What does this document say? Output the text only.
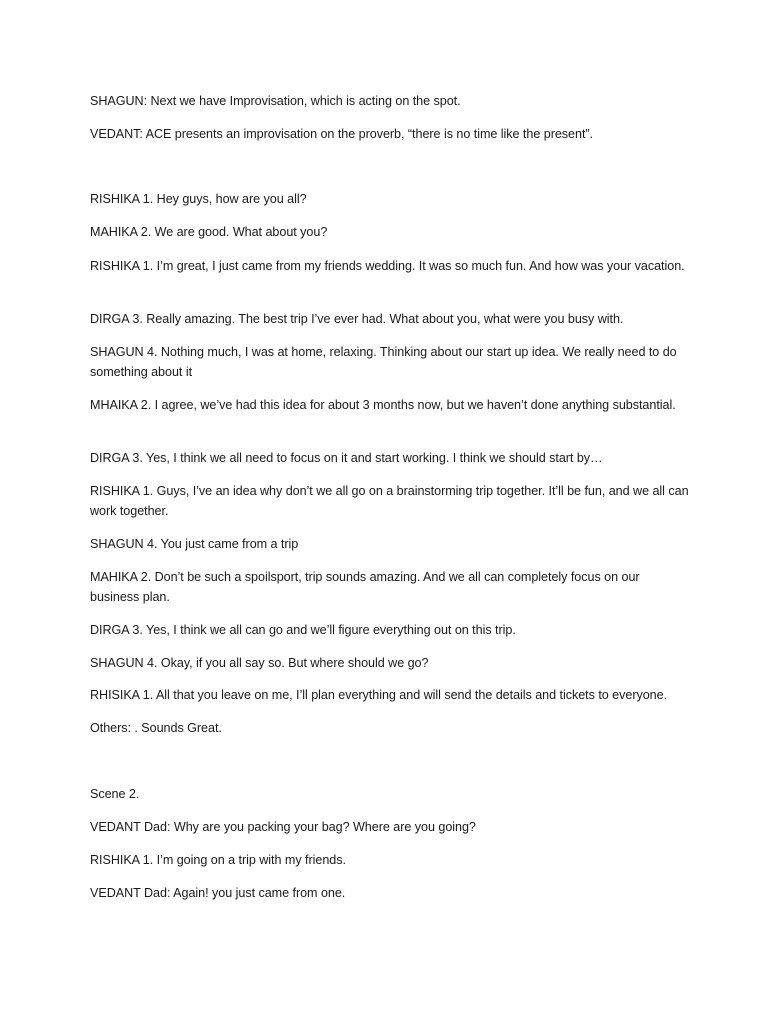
SHAGUN: Next we have Improvisation, which is acting on the spot.

VEDANT: ACE presents an improvisation on the proverb, “there is no time like the present”.

RISHIKA 1. Hey guys, how are you all?

MAHIKA 2. We are good. What about you?

RISHIKA 1. I’m great, I just came from my friends wedding. It was so much fun. And how was your vacation.

DIRGA 3. Really amazing. The best trip I’ve ever had. What about you, what were you busy with.

SHAGUN 4. Nothing much, I was at home, relaxing. Thinking about our start up idea. We really need to do something about it

MHAIKA 2. I agree, we’ve had this idea for about 3 months now, but we haven’t done anything substantial.

DIRGA 3. Yes, I think we all need to focus on it and start working. I think we should start by…

RISHIKA 1. Guys, I’ve an idea why don’t we all go on a brainstorming trip together. It’ll be fun, and we all can work together.

SHAGUN 4. You just came from a trip

MAHIKA 2. Don’t be such a spoilsport, trip sounds amazing. And we all can completely focus on our business plan.

DIRGA 3. Yes, I think we all can go and we’ll figure everything out on this trip.

SHAGUN 4. Okay, if you all say so. But where should we go?

RHISIKA 1. All that you leave on me, I’ll plan everything and will send the details and tickets to everyone.

Others: . Sounds Great.

Scene 2.

VEDANT Dad: Why are you packing your bag? Where are you going?

RISHIKA 1. I’m going on a trip with my friends.

VEDANT Dad: Again! you just came from one.
